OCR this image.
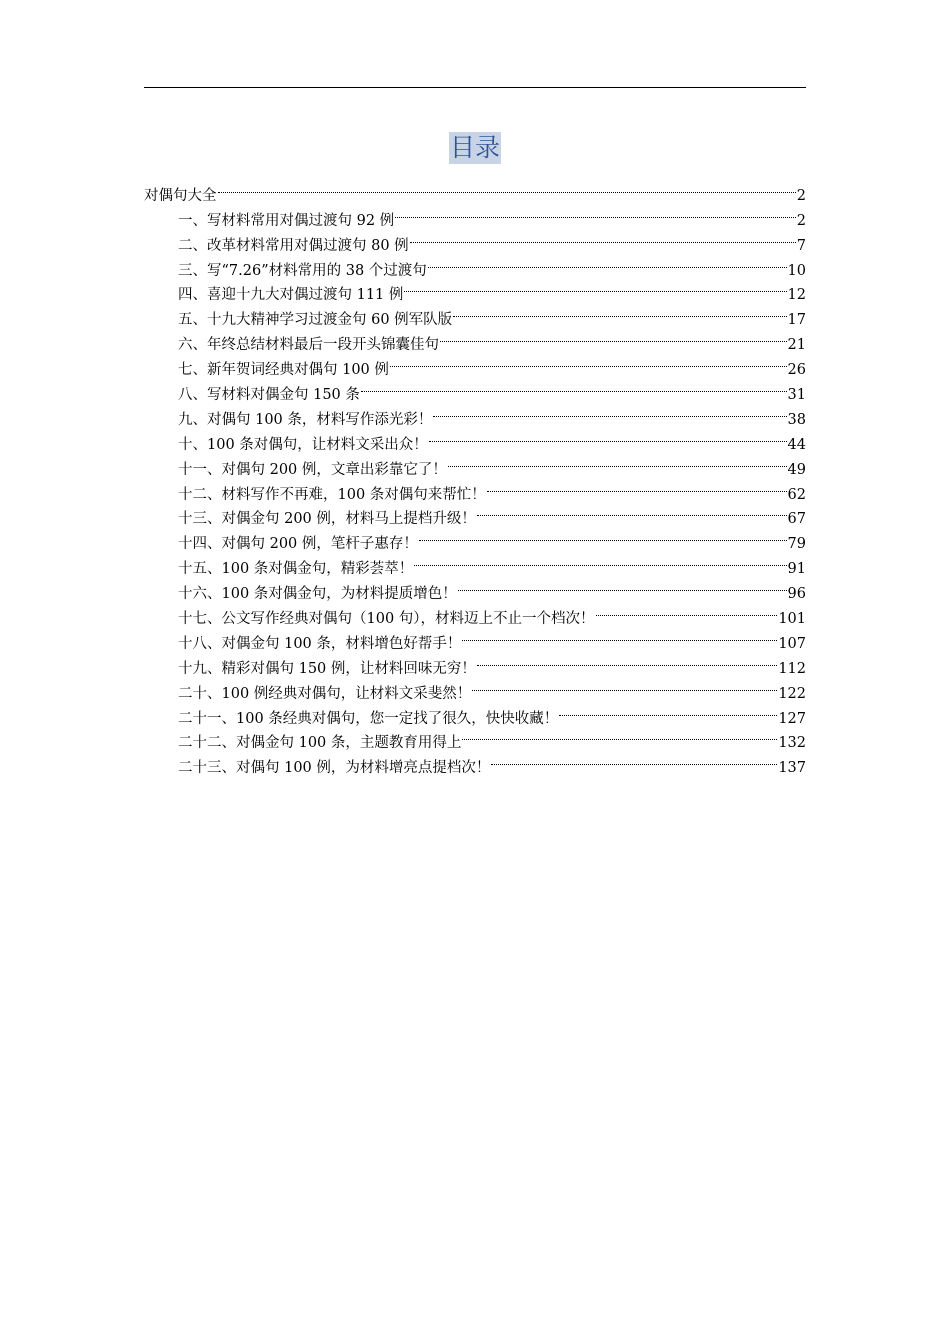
目录
对偶句大全	2
一、写材料常用对偶过渡句 92 例	2
二、改革材料常用对偶过渡句 80 例	7
三、写“7.26”材料常用的 38 个过渡句	10
四、喜迎十九大对偶过渡句 111 例	12
五、十九大精神学习过渡金句 60 例军队版	17
六、年终总结材料最后一段开头锦囊佳句	21
七、新年贺词经典对偶句 100 例	26
八、写材料对偶金句 150 条	31
九、对偶句 100 条，材料写作添光彩！	38
十、100 条对偶句，让材料文采出众！	44
十一、对偶句 200 例，文章出彩靠它了！	49
十二、材料写作不再难，100 条对偶句来帮忙！	62
十三、对偶金句 200 例，材料马上提档升级！	67
十四、对偶句 200 例，笔杆子惠存！	79
十五、100 条对偶金句，精彩荟萃！	91
十六、100 条对偶金句，为材料提质增色！	96
十七、公文写作经典对偶句（100 句），材料迈上不止一个档次！	101
十八、对偶金句 100 条，材料增色好帮手！	107
十九、精彩对偶句 150 例，让材料回味无穷！	112
二十、100 例经典对偶句，让材料文采斐然！	122
二十一、100 条经典对偶句，您一定找了很久，快快收藏！	127
二十二、对偶金句 100 条，主题教育用得上	132
二十三、对偶句 100 例，为材料增亮点提档次！	137
